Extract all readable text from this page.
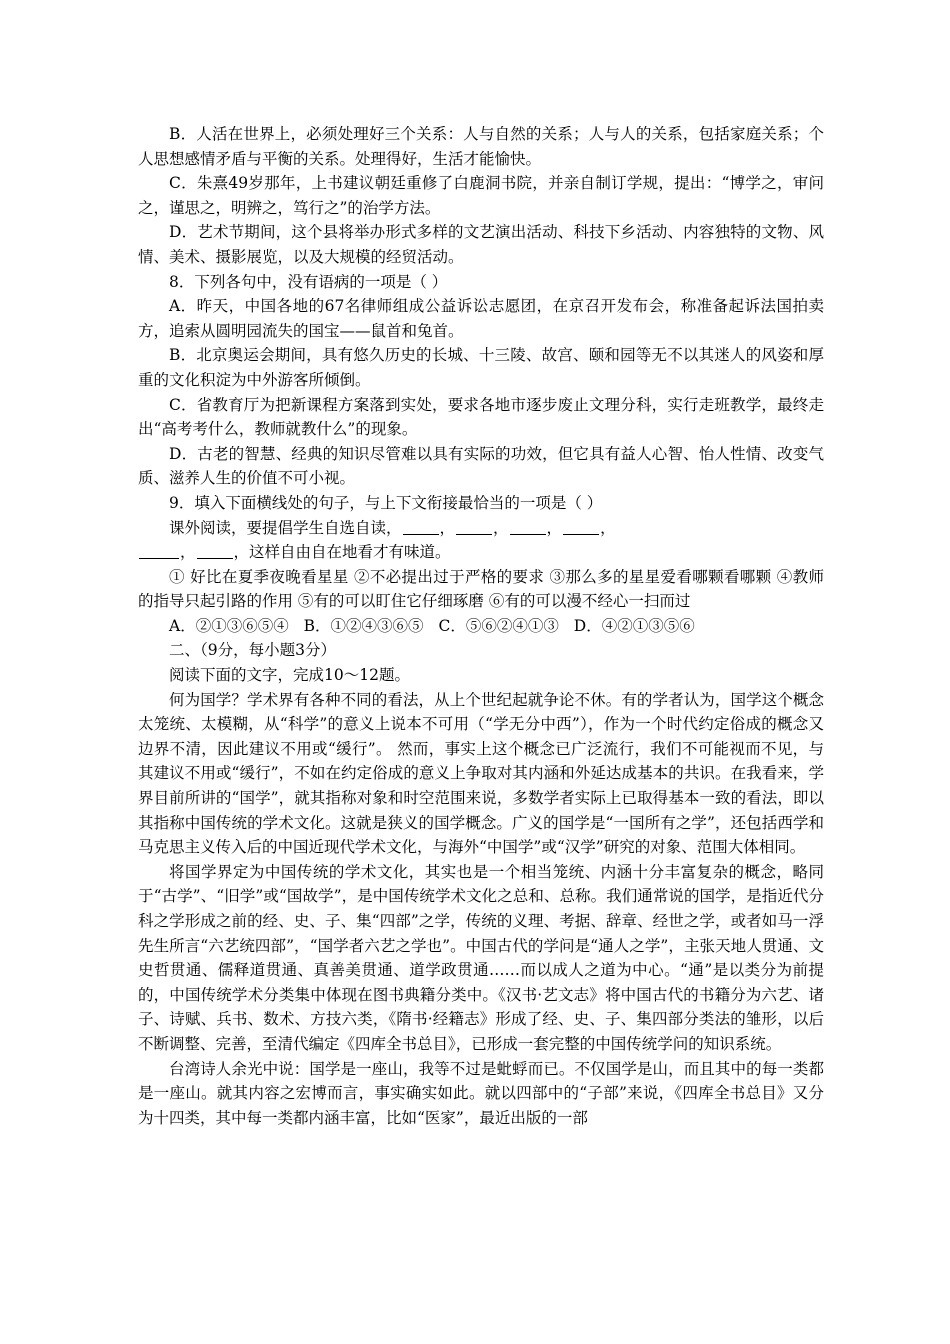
B．人活在世界上，必须处理好三个关系：人与自然的关系；人与人的关系，包括家庭关系；个人思想感情矛盾与平衡的关系。处理得好，生活才能愉快。

C．朱熹49岁那年，上书建议朝廷重修了白鹿洞书院，并亲自制订学规，提出：“博学之，审问之，谨思之，明辨之，笃行之”的治学方法。

D．艺术节期间，这个县将举办形式多样的文艺演出活动、科技下乡活动、内容独特的文物、风情、美术、摄影展览，以及大规模的经贸活动。

8．下列各句中，没有语病的一项是（ ）

A．昨天，中国各地的67名律师组成公益诉讼志愿团，在京召开发布会，称准备起诉法国拍卖方，追索从圆明园流失的国宝——鼠首和兔首。

B．北京奥运会期间，具有悠久历史的长城、十三陵、故宫、颐和园等无不以其迷人的风姿和厚重的文化积淀为中外游客所倾倒。

C．省教育厅为把新课程方案落到实处，要求各地市逐步废止文理分科，实行走班教学，最终走出“高考考什么，教师就教什么”的现象。

D．古老的智慧、经典的知识尽管难以具有实际的功效，但它具有益人心智、怡人性情、改变气质、滋养人生的价值不可小视。

9．填入下面横线处的句子，与上下文衔接最恰当的一项是（ ）

课外阅读，要提倡学生自选自读， ， ， ， ，

， ，这样自由自在地看才有味道。

① 好比在夏季夜晚看星星 ②不必提出过于严格的要求 ③那么多的星星爱看哪颗看哪颗 ④教师的指导只起引路的作用 ⑤有的可以盯住它仔细琢磨 ⑥有的可以漫不经心一扫而过

A．②①③⑥⑤④ B．①②④③⑥⑤ C．⑤⑥②④①③ D．④②①③⑤⑥

二、（9分，每小题3分）

阅读下面的文字，完成10～12题。

何为国学？学术界有各种不同的看法，从上个世纪起就争论不休。有的学者认为，国学这个概念太笼统、太模糊，从“科学”的意义上说本不可用（“学无分中西”），作为一个时代约定俗成的概念又边界不清，因此建议不用或“缓行”。 然而，事实上这个概念已广泛流行，我们不可能视而不见，与其建议不用或“缓行”，不如在约定俗成的意义上争取对其内涵和外延达成基本的共识。在我看来，学界目前所讲的“国学”，就其指称对象和时空范围来说，多数学者实际上已取得基本一致的看法，即以其指称中国传统的学术文化。这就是狭义的国学概念。广义的国学是“一国所有之学”，还包括西学和马克思主义传入后的中国近现代学术文化，与海外“中国学”或“汉学”研究的对象、范围大体相同。

将国学界定为中国传统的学术文化，其实也是一个相当笼统、内涵十分丰富复杂的概念，略同于“古学”、“旧学”或“国故学”，是中国传统学术文化之总和、总称。我们通常说的国学，是指近代分科之学形成之前的经、史、子、集“四部”之学，传统的义理、考据、辞章、经世之学，或者如马一浮先生所言“六艺统四部”，“国学者六艺之学也”。中国古代的学问是“通人之学”，主张天地人贯通、文史哲贯通、儒释道贯通、真善美贯通、道学政贯通……而以成人之道为中心。“通”是以类分为前提的，中国传统学术分类集中体现在图书典籍分类中。《汉书·艺文志》将中国古代的书籍分为六艺、诸子、诗赋、兵书、数术、方技六类，《隋书·经籍志》形成了经、史、子、集四部分类法的雏形，以后不断调整、完善，至清代编定《四库全书总目》，已形成一套完整的中国传统学问的知识系统。

台湾诗人余光中说：国学是一座山，我等不过是蚍蜉而已。不仅国学是山，而且其中的每一类都是一座山。就其内容之宏博而言，事实确实如此。就以四部中的“子部”来说，《四库全书总目》又分为十四类，其中每一类都内涵丰富，比如“医家”，最近出版的一部
